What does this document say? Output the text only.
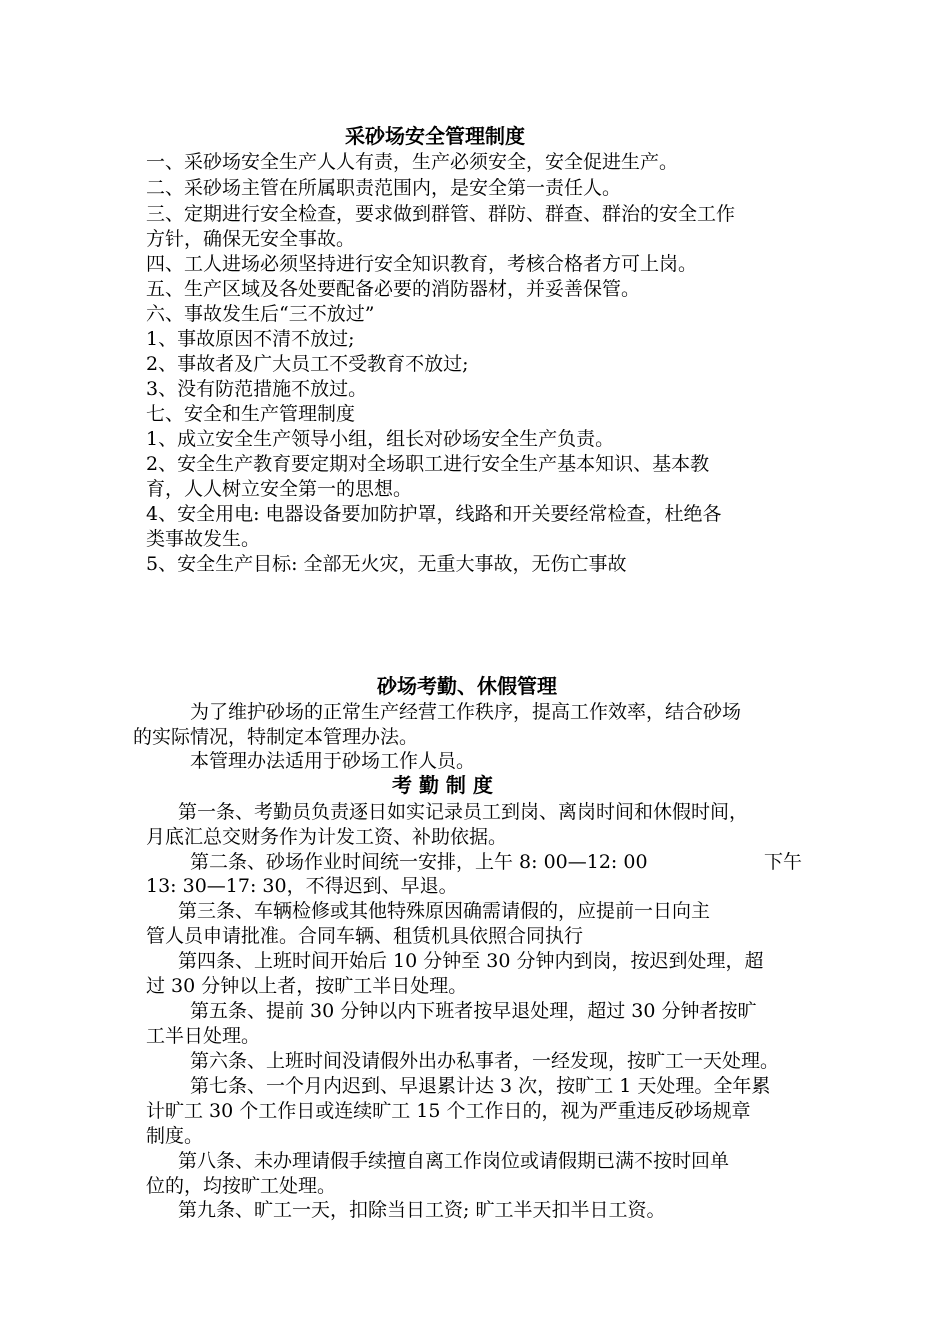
采砂场安全管理制度
一、采砂场安全生产人人有责，生产必须安全，安全促进生产。
二、采砂场主管在所属职责范围内，是安全第一责任人。
三、定期进行安全检查，要求做到群管、群防、群查、群治的安全工作
方针，确保无安全事故。
四、工人进场必须坚持进行安全知识教育，考核合格者方可上岗。
五、生产区域及各处要配备必要的消防器材，并妥善保管。
六、事故发生后“三不放过”
1、事故原因不清不放过;
2、事故者及广大员工不受教育不放过;
3、没有防范措施不放过。
七、安全和生产管理制度
1、成立安全生产领导小组，组长对砂场安全生产负责。
2、安全生产教育要定期对全场职工进行安全生产基本知识、基本教
育，人人树立安全第一的思想。
4、安全用电: 电器设备要加防护罩，线路和开关要经常检查，杜绝各
类事故发生。
5、安全生产目标: 全部无火灾，无重大事故，无伤亡事故
砂场考勤、休假管理
为了维护砂场的正常生产经营工作秩序，提高工作效率，结合砂场
的实际情况，特制定本管理办法。
本管理办法适用于砂场工作人员。
考 勤 制 度
第一条、考勤员负责逐日如实记录员工到岗、离岗时间和休假时间，
月底汇总交财务作为计发工资、补助依据。
第二条、砂场作业时间统一安排，上午 8: 00—12: 00	下午
13: 30—17: 30，不得迟到、早退。
第三条、车辆检修或其他特殊原因确需请假的，应提前一日向主
管人员申请批准。合同车辆、租赁机具依照合同执行
第四条、上班时间开始后 10 分钟至 30 分钟内到岗，按迟到处理，超
过 30 分钟以上者，按旷工半日处理。
第五条、提前 30 分钟以内下班者按早退处理，超过 30 分钟者按旷
工半日处理。
第六条、上班时间没请假外出办私事者，一经发现，按旷工一天处理。
第七条、一个月内迟到、早退累计达 3 次，按旷工 1 天处理。全年累
计旷工 30 个工作日或连续旷工 15 个工作日的，视为严重违反砂场规章
制度。
第八条、未办理请假手续擅自离工作岗位或请假期已满不按时回单
位的，均按旷工处理。
第九条、旷工一天，扣除当日工资; 旷工半天扣半日工资。
